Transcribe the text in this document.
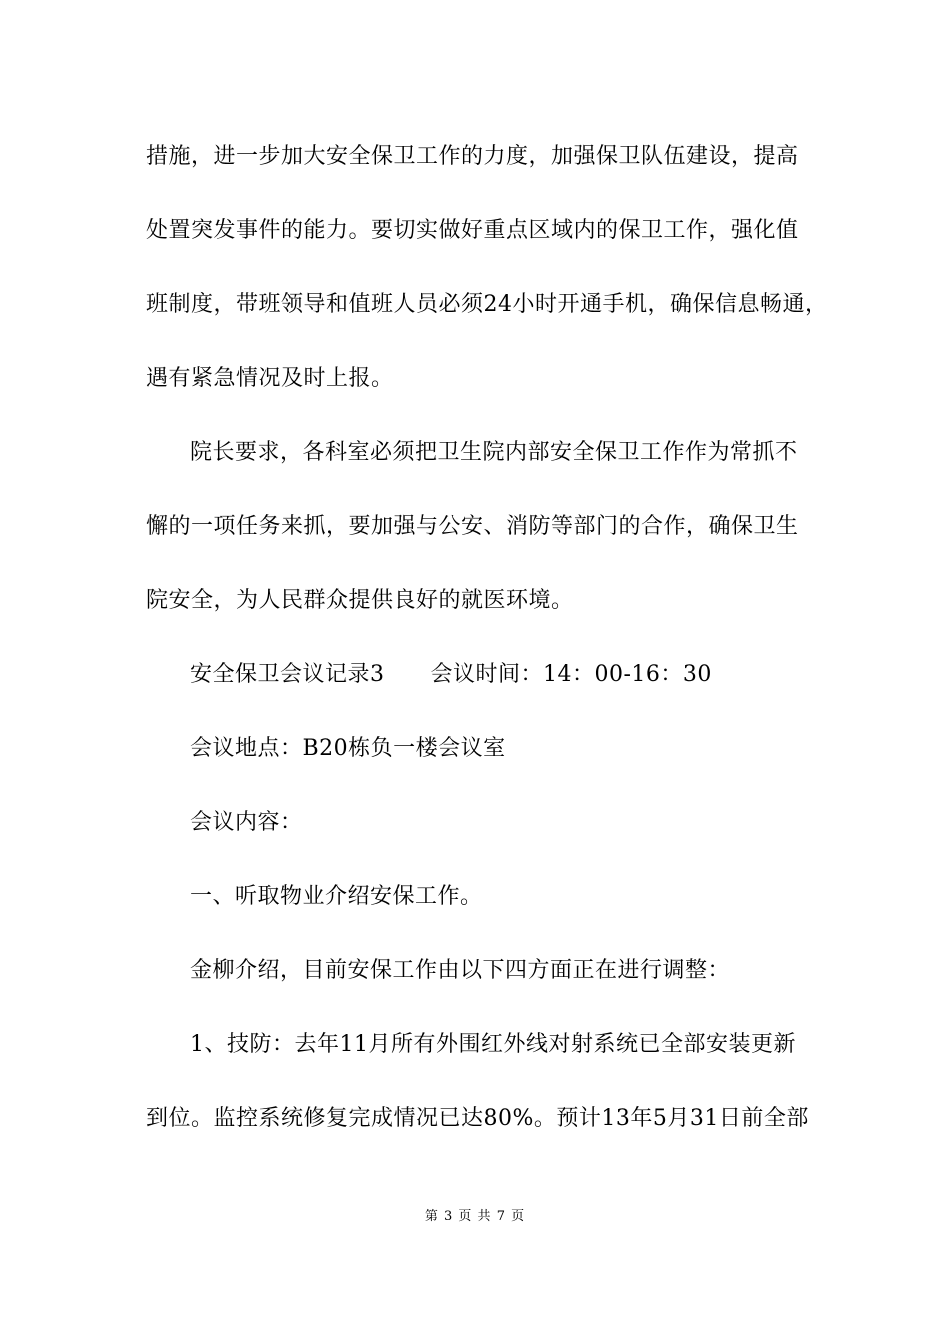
措施，进一步加大安全保卫工作的力度，加强保卫队伍建设，提高
处置突发事件的能力。要切实做好重点区域内的保卫工作，强化值
班制度，带班领导和值班人员必须24小时开通手机，确保信息畅通，
遇有紧急情况及时上报。
院长要求，各科室必须把卫生院内部安全保卫工作作为常抓不
懈的一项任务来抓，要加强与公安、消防等部门的合作，确保卫生
院安全，为人民群众提供良好的就医环境。
安全保卫会议记录3 会议时间：14：00-16：30
会议地点：B20栋负一楼会议室
会议内容：
一、听取物业介绍安保工作。
金柳介绍，目前安保工作由以下四方面正在进行调整：
1、技防：去年11月所有外围红外线对射系统已全部安装更新
到位。监控系统修复完成情况已达80%。预计13年5月31日前全部
第 3 页 共 7 页
